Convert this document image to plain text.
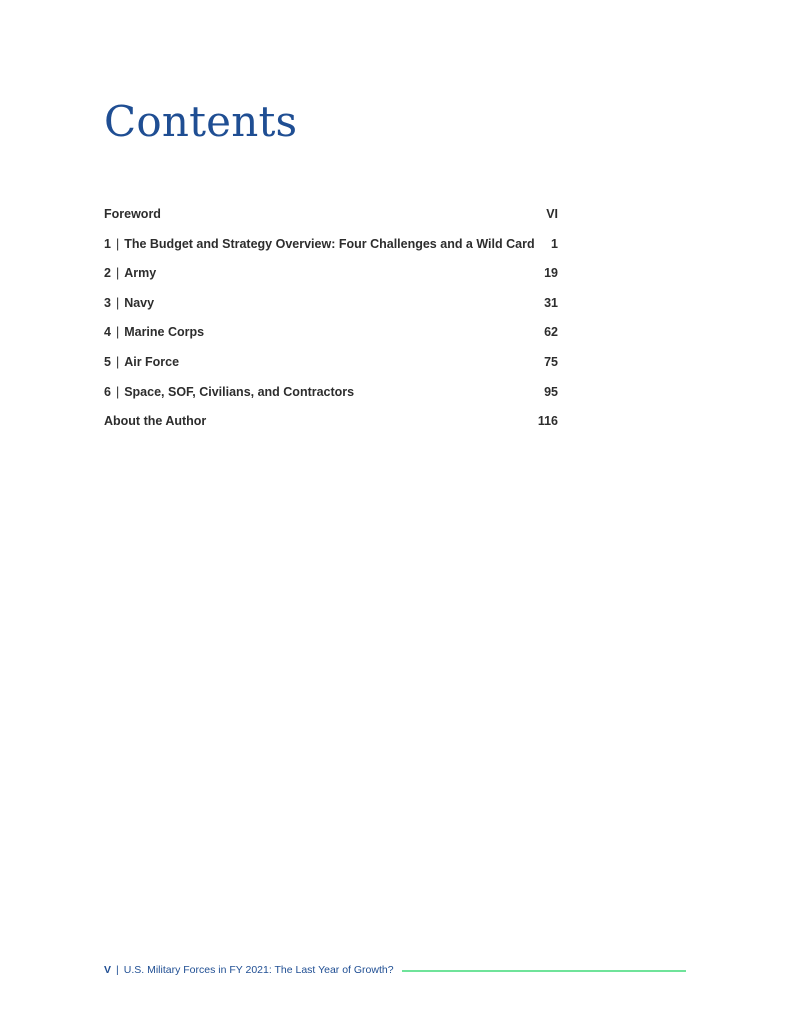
Contents
Foreword	VI
1 | The Budget and Strategy Overview: Four Challenges and a Wild Card 1
2 | Army	19
3 | Navy	31
4 | Marine Corps	62
5 | Air Force	75
6 | Space, SOF, Civilians, and Contractors	95
About the Author	116
V | U.S. Military Forces in FY 2021: The Last Year of Growth?
